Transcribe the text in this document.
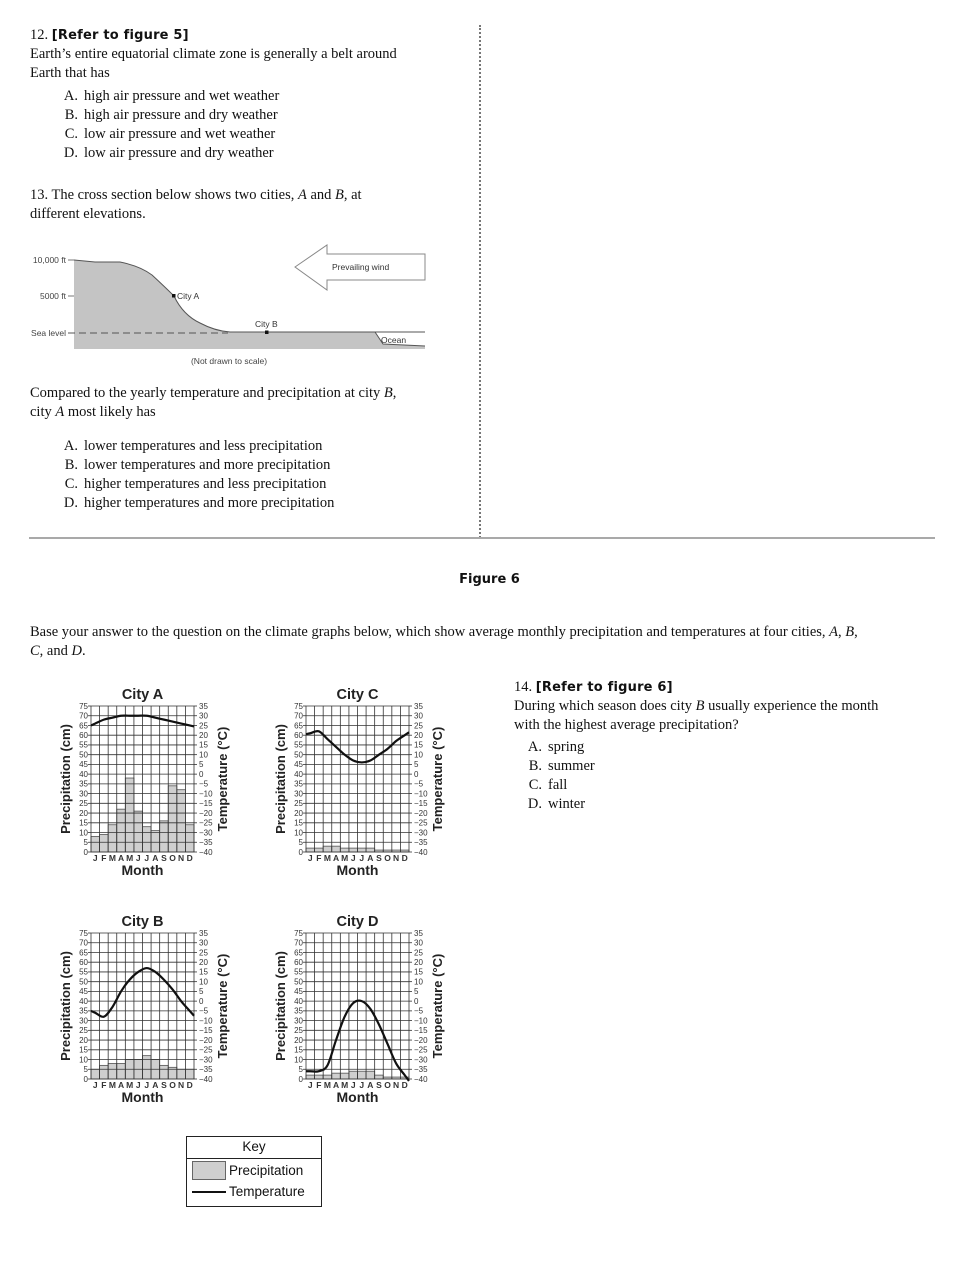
12. [Refer to figure 5]
Earth’s entire equatorial climate zone is generally a belt around
Earth that has
A. high air pressure and wet weather
B. high air pressure and dry weather
C. low air pressure and wet weather
D. low air pressure and dry weather
13. The cross section below shows two cities, A and B, at
different elevations.
10,000 ft
5000 ft
Sea level
City A
City B
Ocean
Prevailing wind
(Not drawn to scale)
Compared to the yearly temperature and precipitation at city B,
city A most likely has
A. lower temperatures and less precipitation
B. lower temperatures and more precipitation
C. higher temperatures and less precipitation
D. higher temperatures and more precipitation
Figure 6
Base your answer to the question on the climate graphs below, which show average monthly precipitation and temperatures at four cities, A, B,
C, and D.
City A
0
5
10
15
20
25
30
35
40
45
50
55
60
65
70
75
−40
−35
−30
−25
−20
−15
−10
−5
0
5
10
15
20
25
30
35
J F M A M J J A S O N D
Month
Precipitation (cm)	Temperature (°C)
City C
0
5
10
15
20
25
30
35
40
45
50
55
60
65
70
75
−40
−35
−30
−25
−20
−15
−10
−5
0
5
10
15
20
25
30
35
J F M A M J J A S O N D
Month
Precipitation (cm)	Temperature (°C)
City B
0
5
10
15
20
25
30
35
40
45
50
55
60
65
70
75
−40
−35
−30
−25
−20
−15
−10
−5
0
5
10
15
20
25
30
35
J F M A M J J A S O N D
Month
Precipitation (cm)	Temperature (°C)
City D
0
5
10
15
20
25
30
35
40
45
50
55
60
65
70
75
−40
−35
−30
−25
−20
−15
−10
−5
0
5
10
15
20
25
30
35
J F M A M J J A S O N D
Month
Precipitation (cm)	Temperature (°C)
Key
Precipitation
Temperature
14. [Refer to figure 6]
During which season does city B usually experience the month
with the highest average precipitation?
A. spring
B. summer
C. fall
D. winter
